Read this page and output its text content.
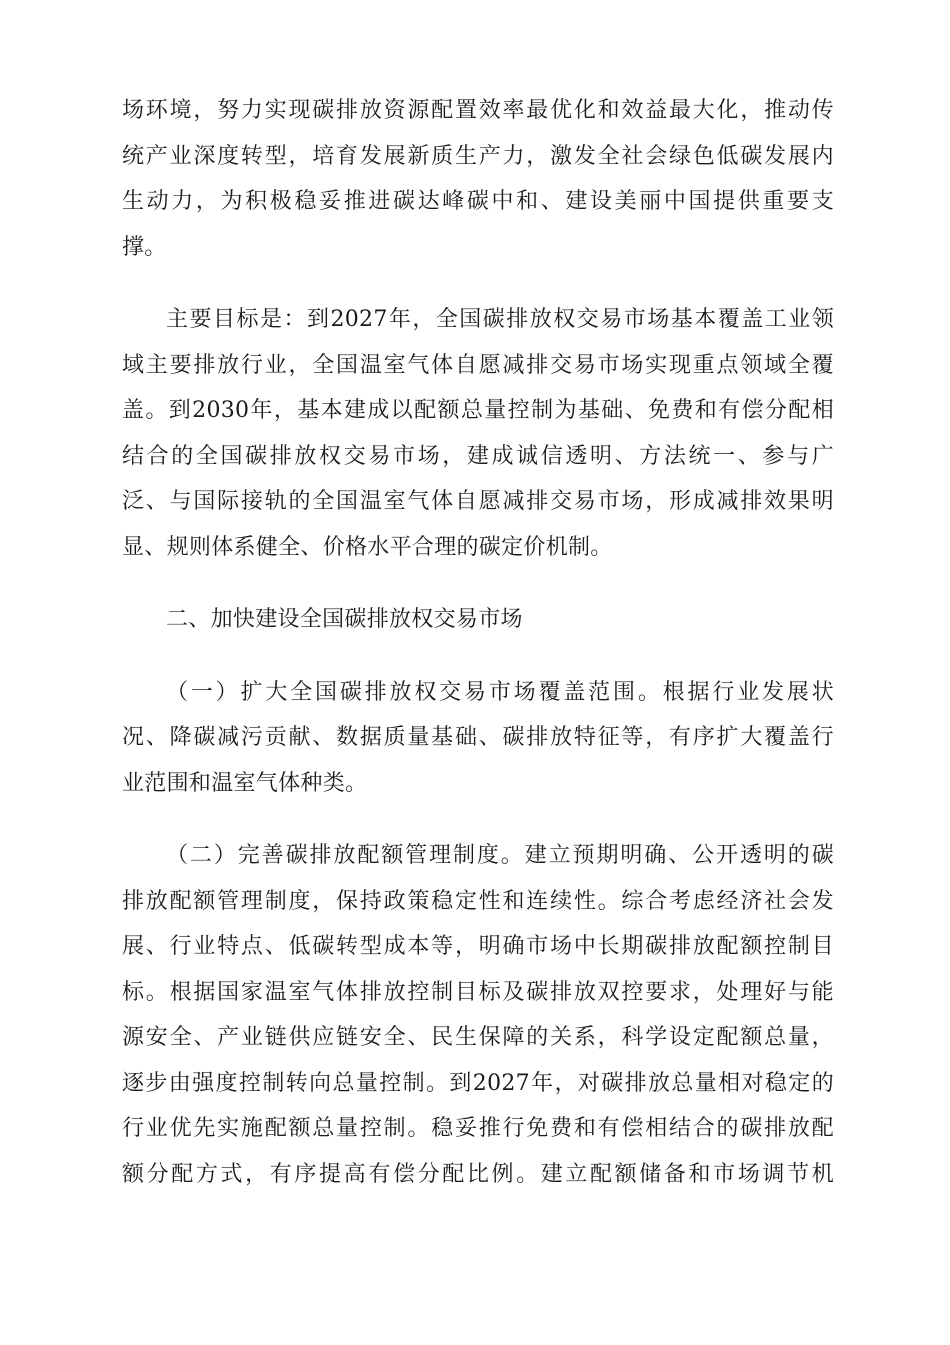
场环境，努力实现碳排放资源配置效率最优化和效益最大化，推动传
统产业深度转型，培育发展新质生产力，激发全社会绿色低碳发展内
生动力，为积极稳妥推进碳达峰碳中和、建设美丽中国提供重要支
撑。
主要目标是：到2027年，全国碳排放权交易市场基本覆盖工业领
域主要排放行业，全国温室气体自愿减排交易市场实现重点领域全覆
盖。到2030年，基本建成以配额总量控制为基础、免费和有偿分配相
结合的全国碳排放权交易市场，建成诚信透明、方法统一、参与广
泛、与国际接轨的全国温室气体自愿减排交易市场，形成减排效果明
显、规则体系健全、价格水平合理的碳定价机制。
二、加快建设全国碳排放权交易市场
（一）扩大全国碳排放权交易市场覆盖范围。根据行业发展状
况、降碳减污贡献、数据质量基础、碳排放特征等，有序扩大覆盖行
业范围和温室气体种类。
（二）完善碳排放配额管理制度。建立预期明确、公开透明的碳
排放配额管理制度，保持政策稳定性和连续性。综合考虑经济社会发
展、行业特点、低碳转型成本等，明确市场中长期碳排放配额控制目
标。根据国家温室气体排放控制目标及碳排放双控要求，处理好与能
源安全、产业链供应链安全、民生保障的关系，科学设定配额总量，
逐步由强度控制转向总量控制。到2027年，对碳排放总量相对稳定的
行业优先实施配额总量控制。稳妥推行免费和有偿相结合的碳排放配
额分配方式，有序提高有偿分配比例。建立配额储备和市场调节机
